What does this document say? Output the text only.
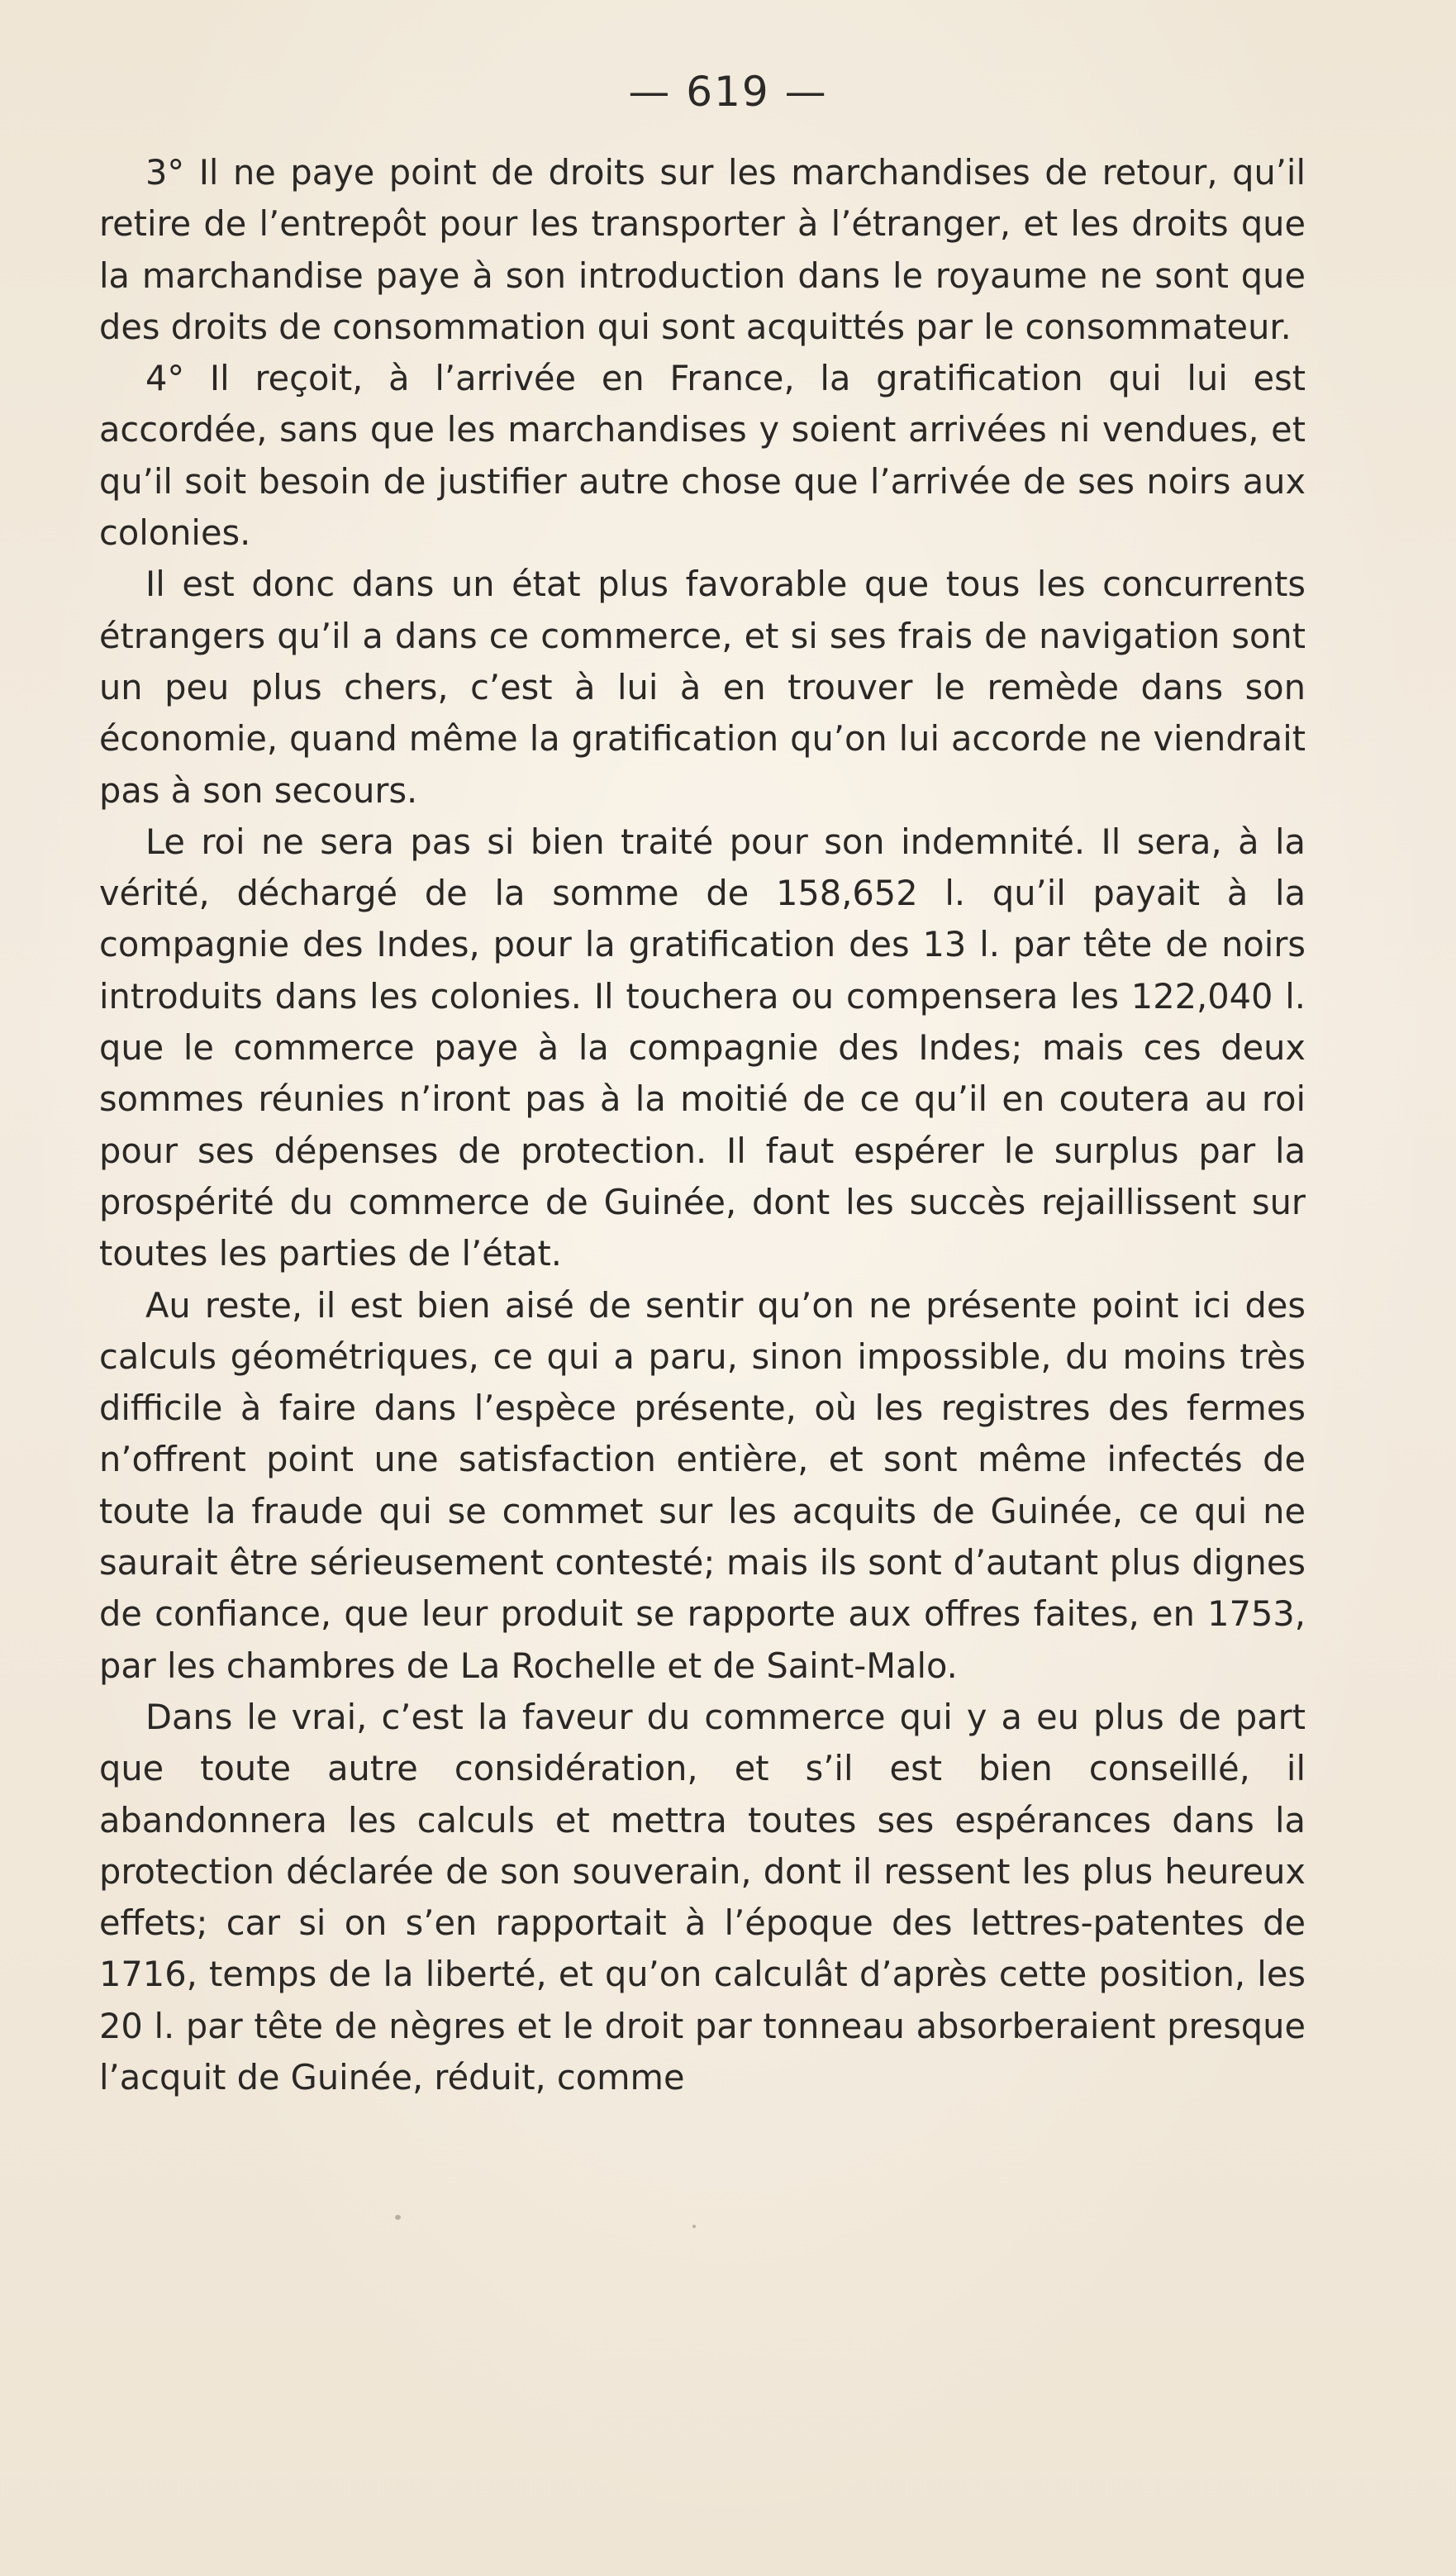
— 619 —

3° Il ne paye point de droits sur les marchandises de retour, qu’il retire de l’entrepôt pour les transporter à l’étranger, et les droits que la marchandise paye à son introduction dans le royaume ne sont que des droits de consommation qui sont acquittés par le consommateur.

4° Il reçoit, à l’arrivée en France, la gratification qui lui est accordée, sans que les marchandises y soient arrivées ni vendues, et qu’il soit besoin de justifier autre chose que l’arrivée de ses noirs aux colonies.

Il est donc dans un état plus favorable que tous les concurrents étrangers qu’il a dans ce commerce, et si ses frais de navigation sont un peu plus chers, c’est à lui à en trouver le remède dans son économie, quand même la gratification qu’on lui accorde ne viendrait pas à son secours.

Le roi ne sera pas si bien traité pour son indemnité. Il sera, à la vérité, déchargé de la somme de 158,652 l. qu’il payait à la compagnie des Indes, pour la gratification des 13 l. par tête de noirs introduits dans les colonies. Il touchera ou compensera les 122,040 l. que le commerce paye à la compagnie des Indes; mais ces deux sommes réunies n’iront pas à la moitié de ce qu’il en coutera au roi pour ses dépenses de protection. Il faut espérer le surplus par la prospérité du commerce de Guinée, dont les succès rejaillissent sur toutes les parties de l’état.

Au reste, il est bien aisé de sentir qu’on ne présente point ici des calculs géométriques, ce qui a paru, sinon impossible, du moins très difficile à faire dans l’espèce présente, où les registres des fermes n’offrent point une satisfaction entière, et sont même infectés de toute la fraude qui se commet sur les acquits de Guinée, ce qui ne saurait être sérieusement contesté; mais ils sont d’autant plus dignes de confiance, que leur produit se rapporte aux offres faites, en 1753, par les chambres de La Rochelle et de Saint-Malo.

Dans le vrai, c’est la faveur du commerce qui y a eu plus de part que toute autre considération, et s’il est bien conseillé, il abandonnera les calculs et mettra toutes ses espérances dans la protection déclarée de son souverain, dont il ressent les plus heureux effets; car si on s’en rapportait à l’époque des lettres-patentes de 1716, temps de la liberté, et qu’on calculât d’après cette position, les 20 l. par tête de nègres et le droit par tonneau absorberaient presque l’acquit de Guinée, réduit, comme
